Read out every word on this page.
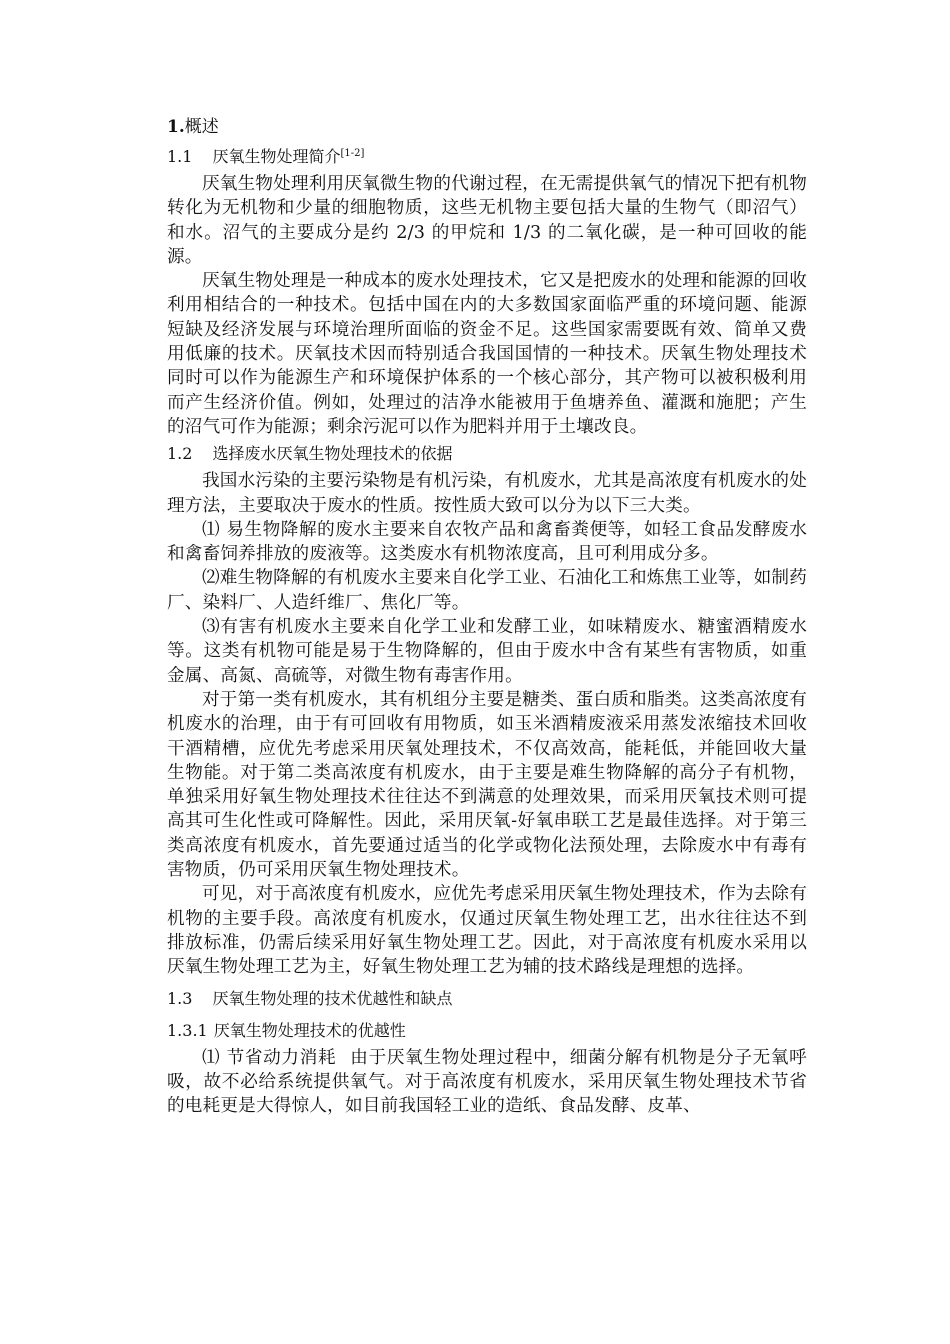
1.概述
1.1 厌氧生物处理简介[1-2]

厌氧生物处理利用厌氧微生物的代谢过程，在无需提供氧气的情况下把有机物转化为无机物和少量的细胞物质，这些无机物主要包括大量的生物气（即沼气）和水。沼气的主要成分是约 2/3 的甲烷和 1/3 的二氧化碳，是一种可回收的能源。

厌氧生物处理是一种成本的废水处理技术，它又是把废水的处理和能源的回收利用相结合的一种技术。包括中国在内的大多数国家面临严重的环境问题、能源短缺及经济发展与环境治理所面临的资金不足。这些国家需要既有效、简单又费用低廉的技术。厌氧技术因而特别适合我国国情的一种技术。厌氧生物处理技术同时可以作为能源生产和环境保护体系的一个核心部分，其产物可以被积极利用而产生经济价值。例如，处理过的洁净水能被用于鱼塘养鱼、灌溉和施肥；产生的沼气可作为能源；剩余污泥可以作为肥料并用于土壤改良。

1.2 选择废水厌氧生物处理技术的依据

我国水污染的主要污染物是有机污染，有机废水，尤其是高浓度有机废水的处理方法，主要取决于废水的性质。按性质大致可以分为以下三大类。

⑴ 易生物降解的废水主要来自农牧产品和禽畜粪便等，如轻工食品发酵废水和禽畜饲养排放的废液等。这类废水有机物浓度高，且可利用成分多。

⑵难生物降解的有机废水主要来自化学工业、石油化工和炼焦工业等，如制药厂、染料厂、人造纤维厂、焦化厂等。

⑶有害有机废水主要来自化学工业和发酵工业，如味精废水、糖蜜酒精废水等。这类有机物可能是易于生物降解的，但由于废水中含有某些有害物质，如重金属、高氮、高硫等，对微生物有毒害作用。

对于第一类有机废水，其有机组分主要是糖类、蛋白质和脂类。这类高浓度有机废水的治理，由于有可回收有用物质，如玉米酒精废液采用蒸发浓缩技术回收干酒精槽，应优先考虑采用厌氧处理技术，不仅高效高，能耗低，并能回收大量生物能。对于第二类高浓度有机废水，由于主要是难生物降解的高分子有机物，单独采用好氧生物处理技术往往达不到满意的处理效果，而采用厌氧技术则可提高其可生化性或可降解性。因此，采用厌氧-好氧串联工艺是最佳选择。对于第三类高浓度有机废水，首先要通过适当的化学或物化法预处理，去除废水中有毒有害物质，仍可采用厌氧生物处理技术。

可见，对于高浓度有机废水，应优先考虑采用厌氧生物处理技术，作为去除有机物的主要手段。高浓度有机废水，仅通过厌氧生物处理工艺，出水往往达不到排放标准，仍需后续采用好氧生物处理工艺。因此，对于高浓度有机废水采用以厌氧生物处理工艺为主，好氧生物处理工艺为辅的技术路线是理想的选择。

1.3 厌氧生物处理的技术优越性和缺点
1.3.1 厌氧生物处理技术的优越性

⑴ 节省动力消耗 由于厌氧生物处理过程中，细菌分解有机物是分子无氧呼吸，故不必给系统提供氧气。对于高浓度有机废水，采用厌氧生物处理技术节省的电耗更是大得惊人，如目前我国轻工业的造纸、食品发酵、皮革、
